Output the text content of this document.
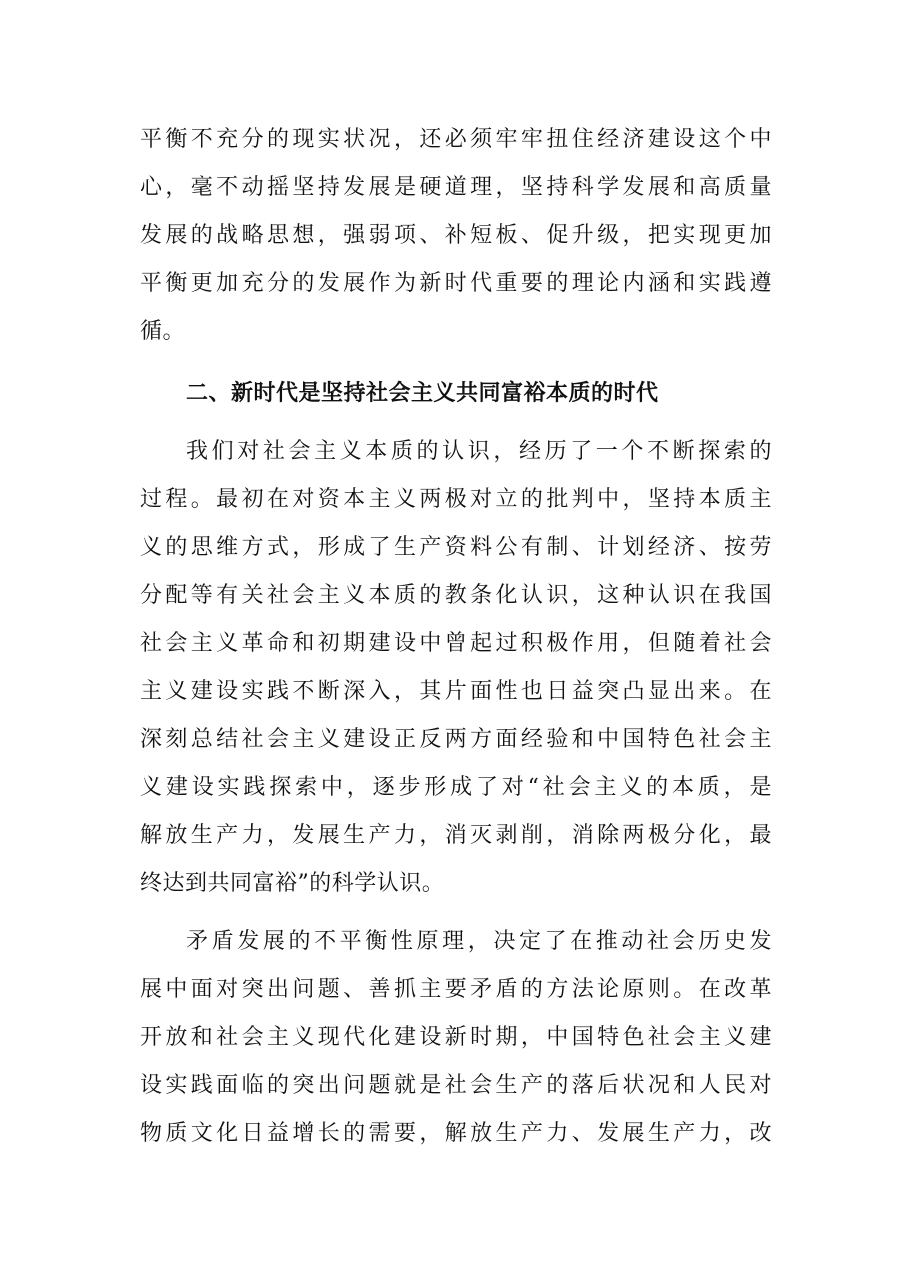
平衡不充分的现实状况，还必须牢牢扭住经济建设这个中
心，毫不动摇坚持发展是硬道理，坚持科学发展和高质量
发展的战略思想，强弱项、补短板、促升级，把实现更加
平衡更加充分的发展作为新时代重要的理论内涵和实践遵
循。
二、新时代是坚持社会主义共同富裕本质的时代
我们对社会主义本质的认识，经历了一个不断探索的
过程。最初在对资本主义两极对立的批判中，坚持本质主
义的思维方式，形成了生产资料公有制、计划经济、按劳
分配等有关社会主义本质的教条化认识，这种认识在我国
社会主义革命和初期建设中曾起过积极作用，但随着社会
主义建设实践不断深入，其片面性也日益突凸显出来。在
深刻总结社会主义建设正反两方面经验和中国特色社会主
义建设实践探索中，逐步形成了对“社会主义的本质，是
解放生产力，发展生产力，消灭剥削，消除两极分化，最
终达到共同富裕”的科学认识。
矛盾发展的不平衡性原理，决定了在推动社会历史发
展中面对突出问题、善抓主要矛盾的方法论原则。在改革
开放和社会主义现代化建设新时期，中国特色社会主义建
设实践面临的突出问题就是社会生产的落后状况和人民对
物质文化日益增长的需要，解放生产力、发展生产力，改
